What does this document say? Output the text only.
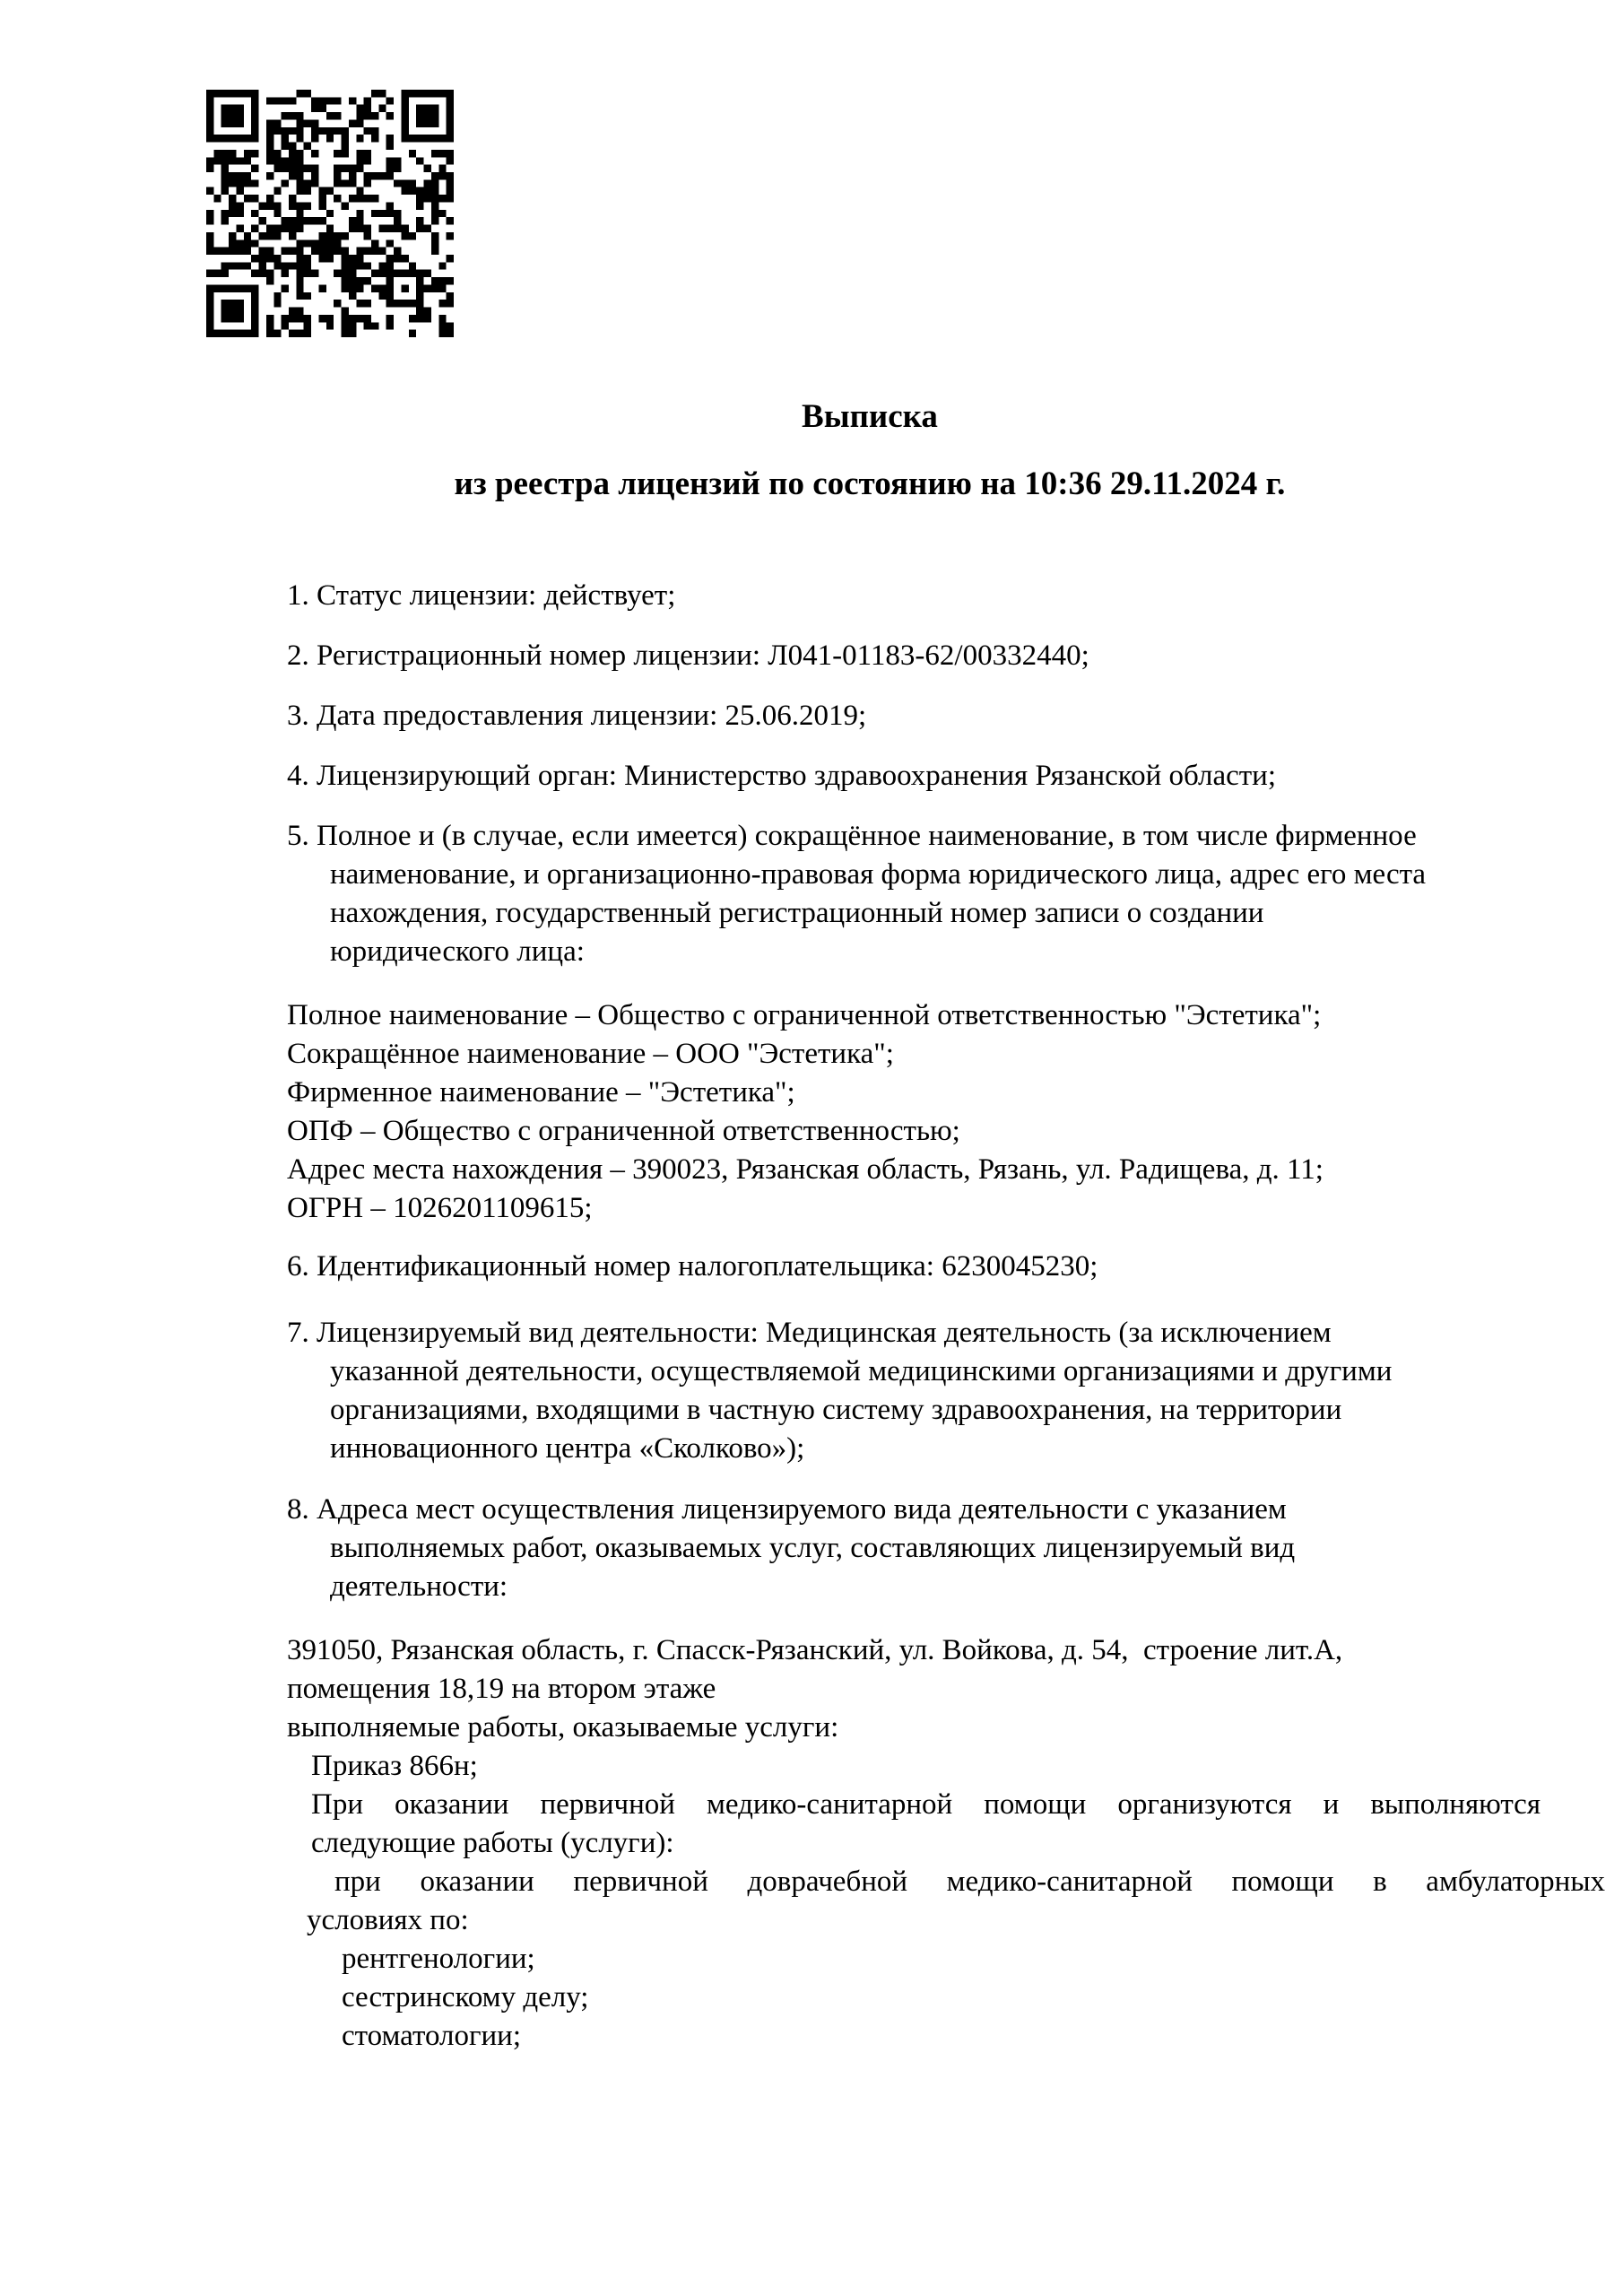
Выписка
из реестра лицензий по состоянию на 10:36 29.11.2024 г.
1. Статус лицензии: действует;
2. Регистрационный номер лицензии: Л041-01183-62/00332440;
3. Дата предоставления лицензии: 25.06.2019;
4. Лицензирующий орган: Министерство здравоохранения Рязанской области;
5. Полное и (в случае, если имеется) сокращённое наименование, в том числе фирменное
наименование, и организационно-правовая форма юридического лица, адрес его места
нахождения, государственный регистрационный номер записи о создании
юридического лица:
Полное наименование – Общество с ограниченной ответственностью "Эстетика";
Сокращённое наименование – ООО "Эстетика";
Фирменное наименование – "Эстетика";
ОПФ – Общество с ограниченной ответственностью;
Адрес места нахождения – 390023, Рязанская область, Рязань, ул. Радищева, д. 11;
ОГРН – 1026201109615;
6. Идентификационный номер налогоплательщика: 6230045230;
7. Лицензируемый вид деятельности: Медицинская деятельность (за исключением
указанной деятельности, осуществляемой медицинскими организациями и другими
организациями, входящими в частную систему здравоохранения, на территории
инновационного центра «Сколково»);
8. Адреса мест осуществления лицензируемого вида деятельности с указанием
выполняемых работ, оказываемых услуг, составляющих лицензируемый вид
деятельности:
391050, Рязанская область, г. Спасск-Рязанский, ул. Войкова, д. 54,  строение лит.А,
помещения 18,19 на втором этаже
выполняемые работы, оказываемые услуги:
Приказ 866н;
При оказании первичной медико-санитарной помощи организуются и выполняются
следующие работы (услуги):
при оказании первичной доврачебной медико-санитарной помощи в амбулаторных
условиях по:
рентгенологии;
сестринскому делу;
стоматологии;
